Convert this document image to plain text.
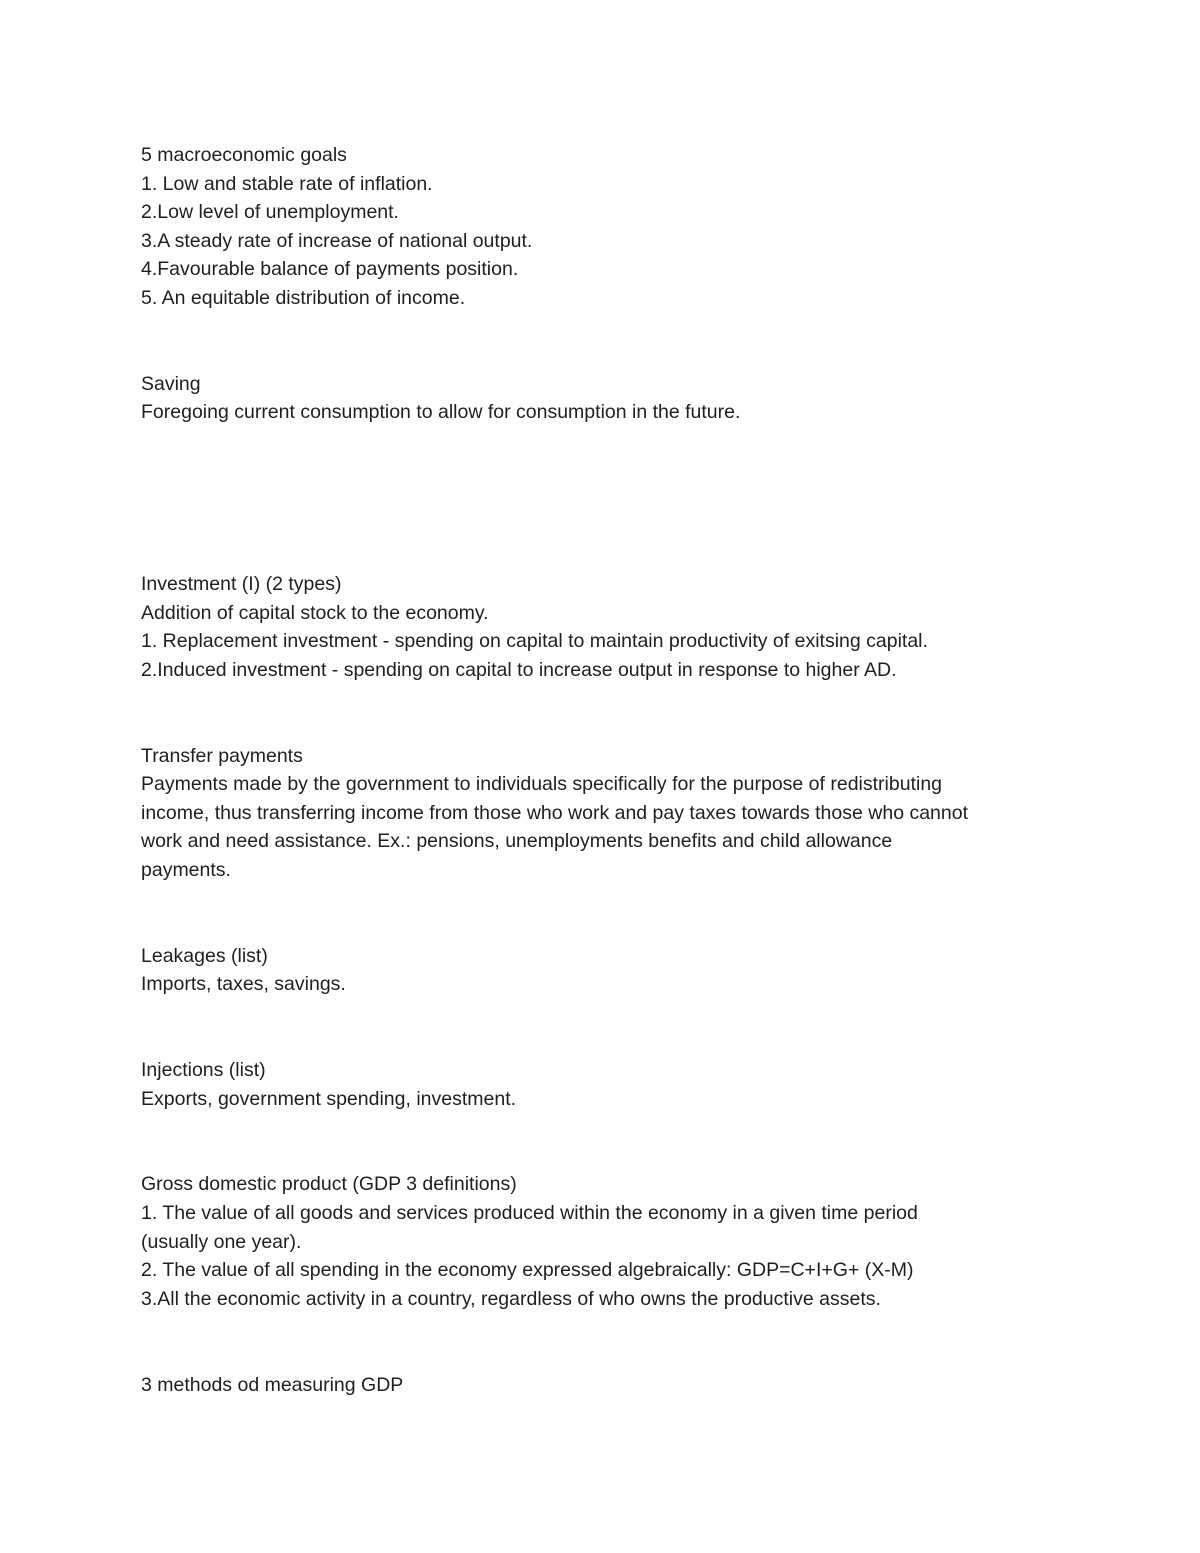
5 macroeconomic goals
1. Low and stable rate of inflation.
2.Low level of unemployment.
3.A steady rate of increase of national output.
4.Favourable balance of payments position.
5. An equitable distribution of income.
Saving
Foregoing current consumption to allow for consumption in the future.
Investment (I) (2 types)
Addition of capital stock to the economy.
1. Replacement investment - spending on capital to maintain productivity of exitsing capital.
2.Induced investment - spending on capital to increase output in response to higher AD.
Transfer payments
Payments made by the government to individuals specifically for the purpose of redistributing
income, thus transferring income from those who work and pay taxes towards those who cannot
work and need assistance. Ex.: pensions, unemployments benefits and child allowance
payments.
Leakages (list)
Imports, taxes, savings.
Injections (list)
Exports, government spending, investment.
Gross domestic product (GDP 3 definitions)
1. The value of all goods and services produced within the economy in a given time period
(usually one year).
2. The value of all spending in the economy expressed algebraically: GDP=C+I+G+ (X-M)
3.All the economic activity in a country, regardless of who owns the productive assets.
3 methods od measuring GDP
